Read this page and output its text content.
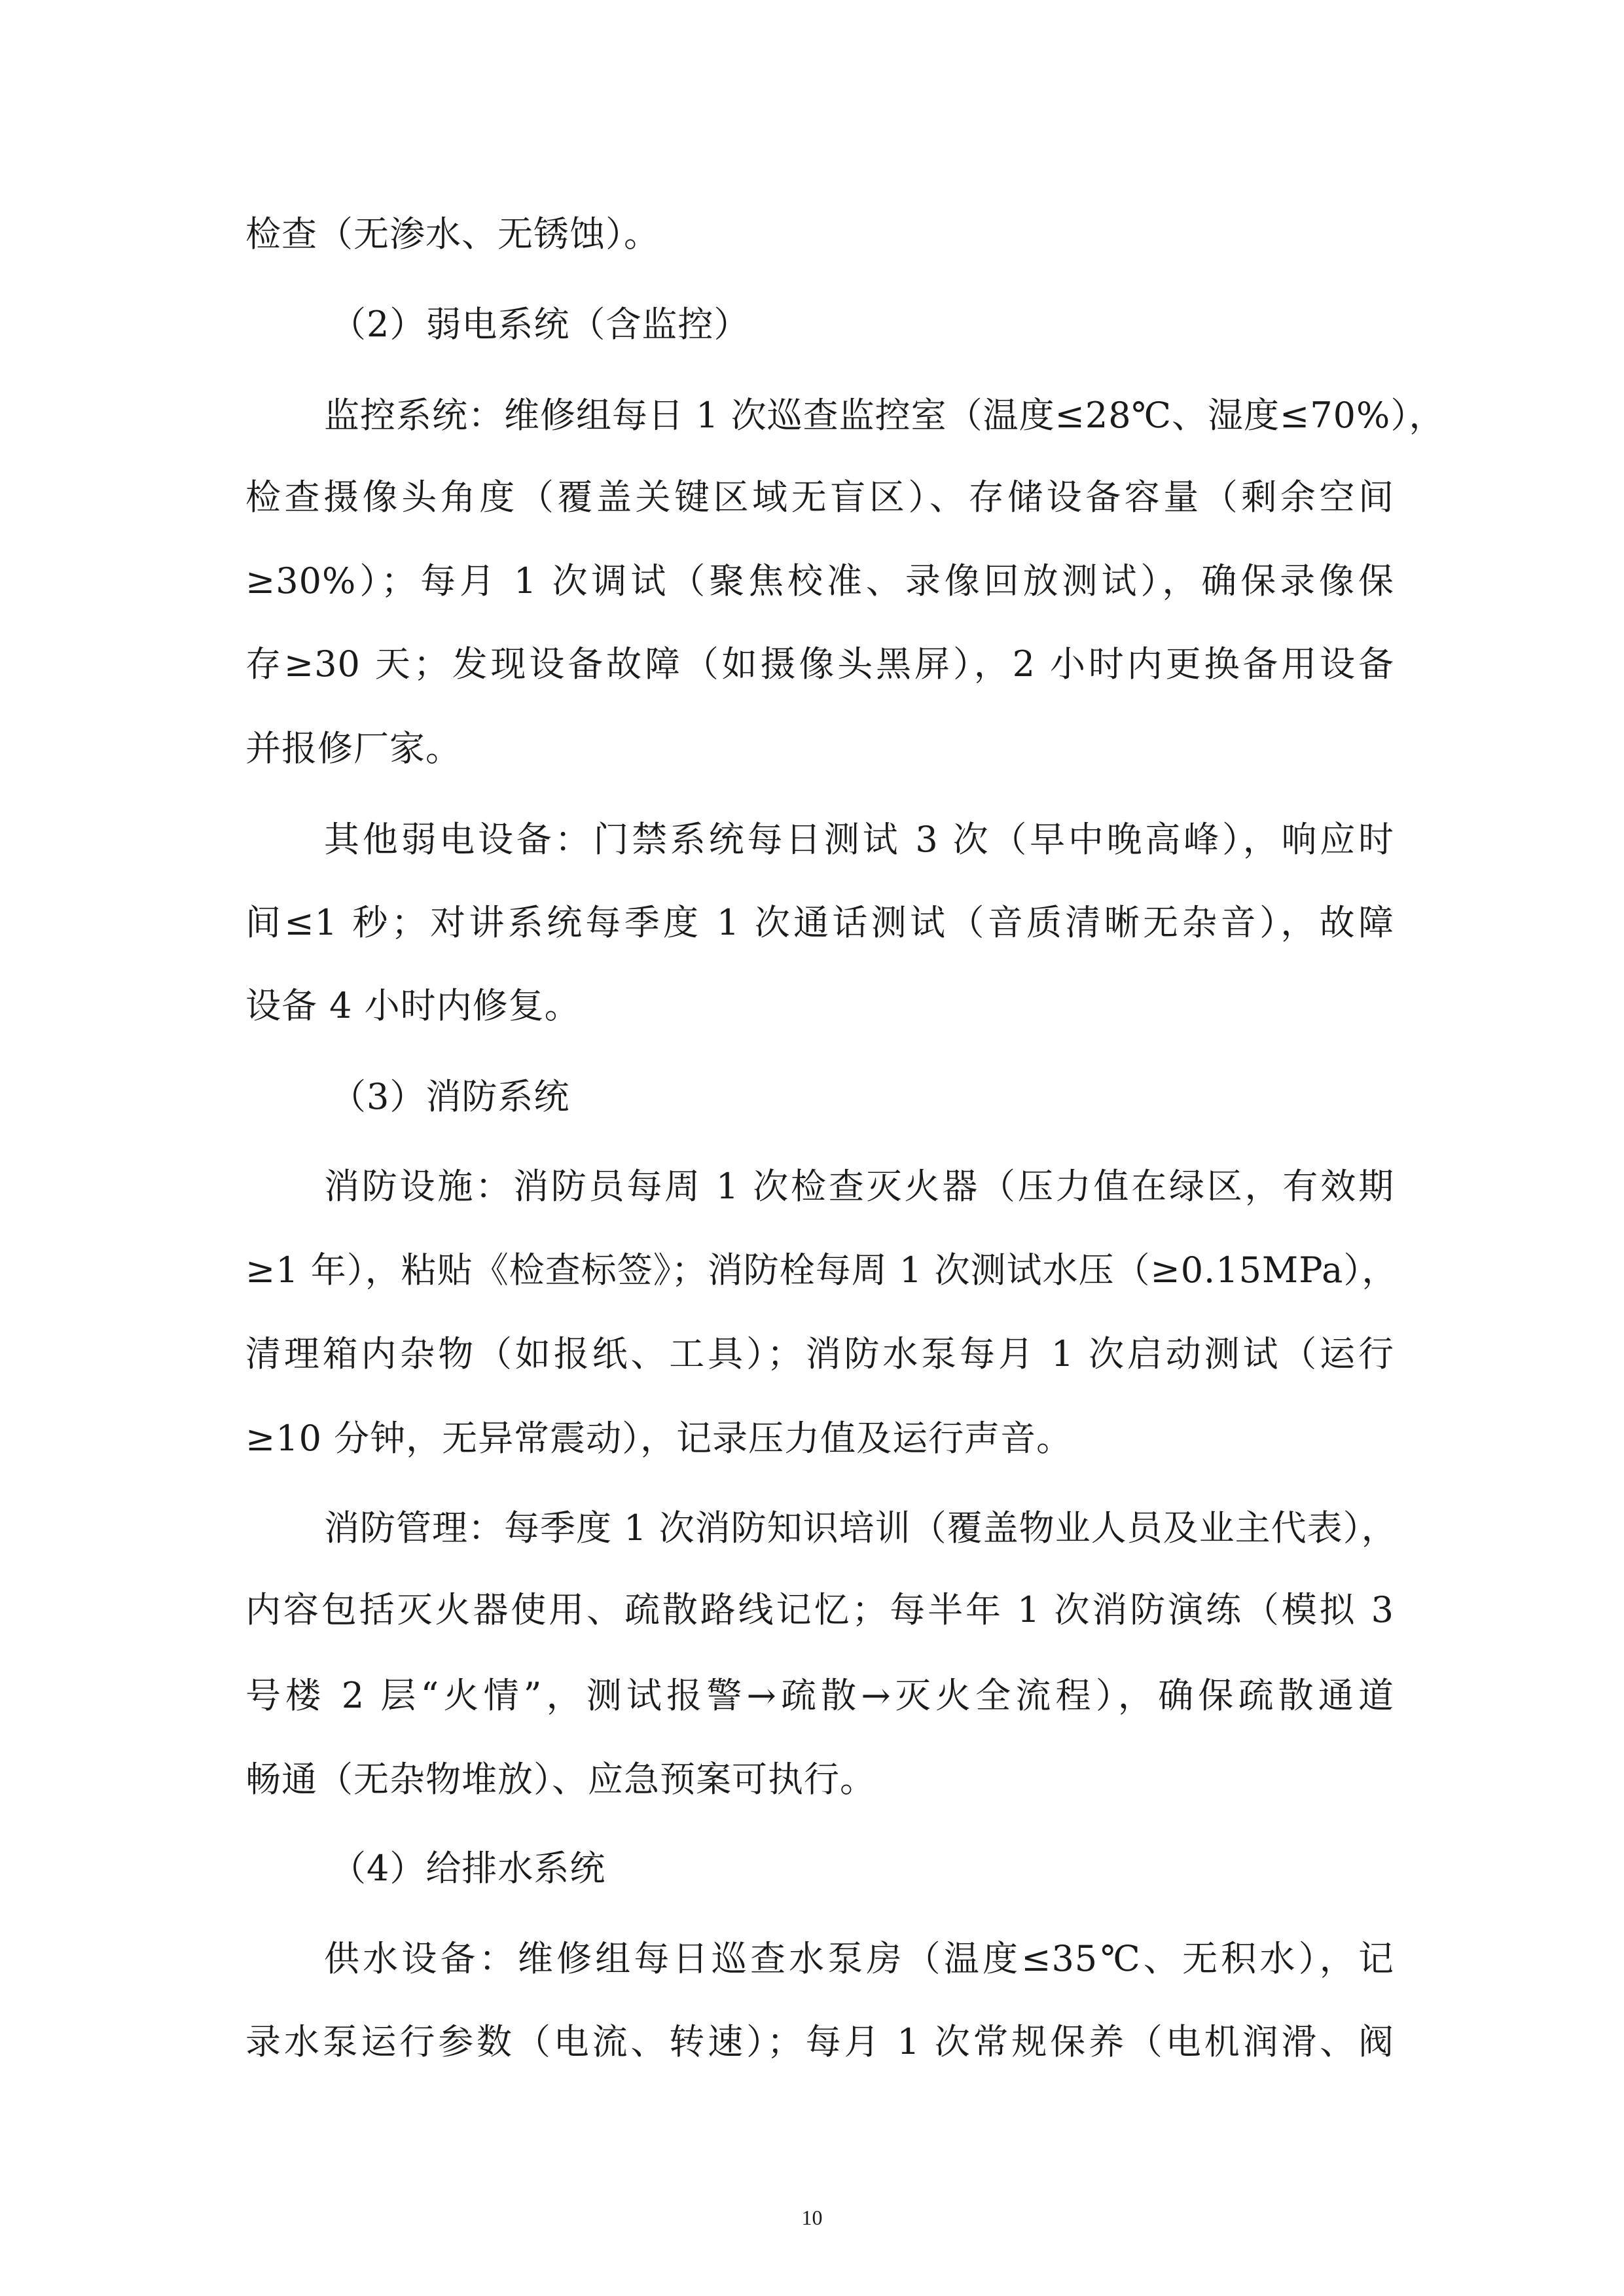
检查（无渗水、无锈蚀）。
（2）弱电系统（含监控）
监控系统：维修组每日 1 次巡查监控室（温度≤28℃、湿度≤70%），
检查摄像头角度（覆盖关键区域无盲区）、存储设备容量（剩余空间
≥30%）；每月 1 次调试（聚焦校准、录像回放测试），确保录像保
存≥30 天；发现设备故障（如摄像头黑屏），2 小时内更换备用设备
并报修厂家。
其他弱电设备：门禁系统每日测试 3 次（早中晚高峰），响应时
间≤1 秒；对讲系统每季度 1 次通话测试（音质清晰无杂音），故障
设备 4 小时内修复。
（3）消防系统
消防设施：消防员每周 1 次检查灭火器（压力值在绿区，有效期
≥1 年），粘贴《检查标签》；消防栓每周 1 次测试水压（≥0.15MPa），
清理箱内杂物（如报纸、工具）；消防水泵每月 1 次启动测试（运行
≥10 分钟，无异常震动），记录压力值及运行声音。
消防管理：每季度 1 次消防知识培训（覆盖物业人员及业主代表），
内容包括灭火器使用、疏散路线记忆；每半年 1 次消防演练（模拟 3
号楼 2 层“火情”，测试报警→疏散→灭火全流程），确保疏散通道
畅通（无杂物堆放）、应急预案可执行。
（4）给排水系统
供水设备：维修组每日巡查水泵房（温度≤35℃、无积水），记
录水泵运行参数（电流、转速）；每月 1 次常规保养（电机润滑、阀
10
